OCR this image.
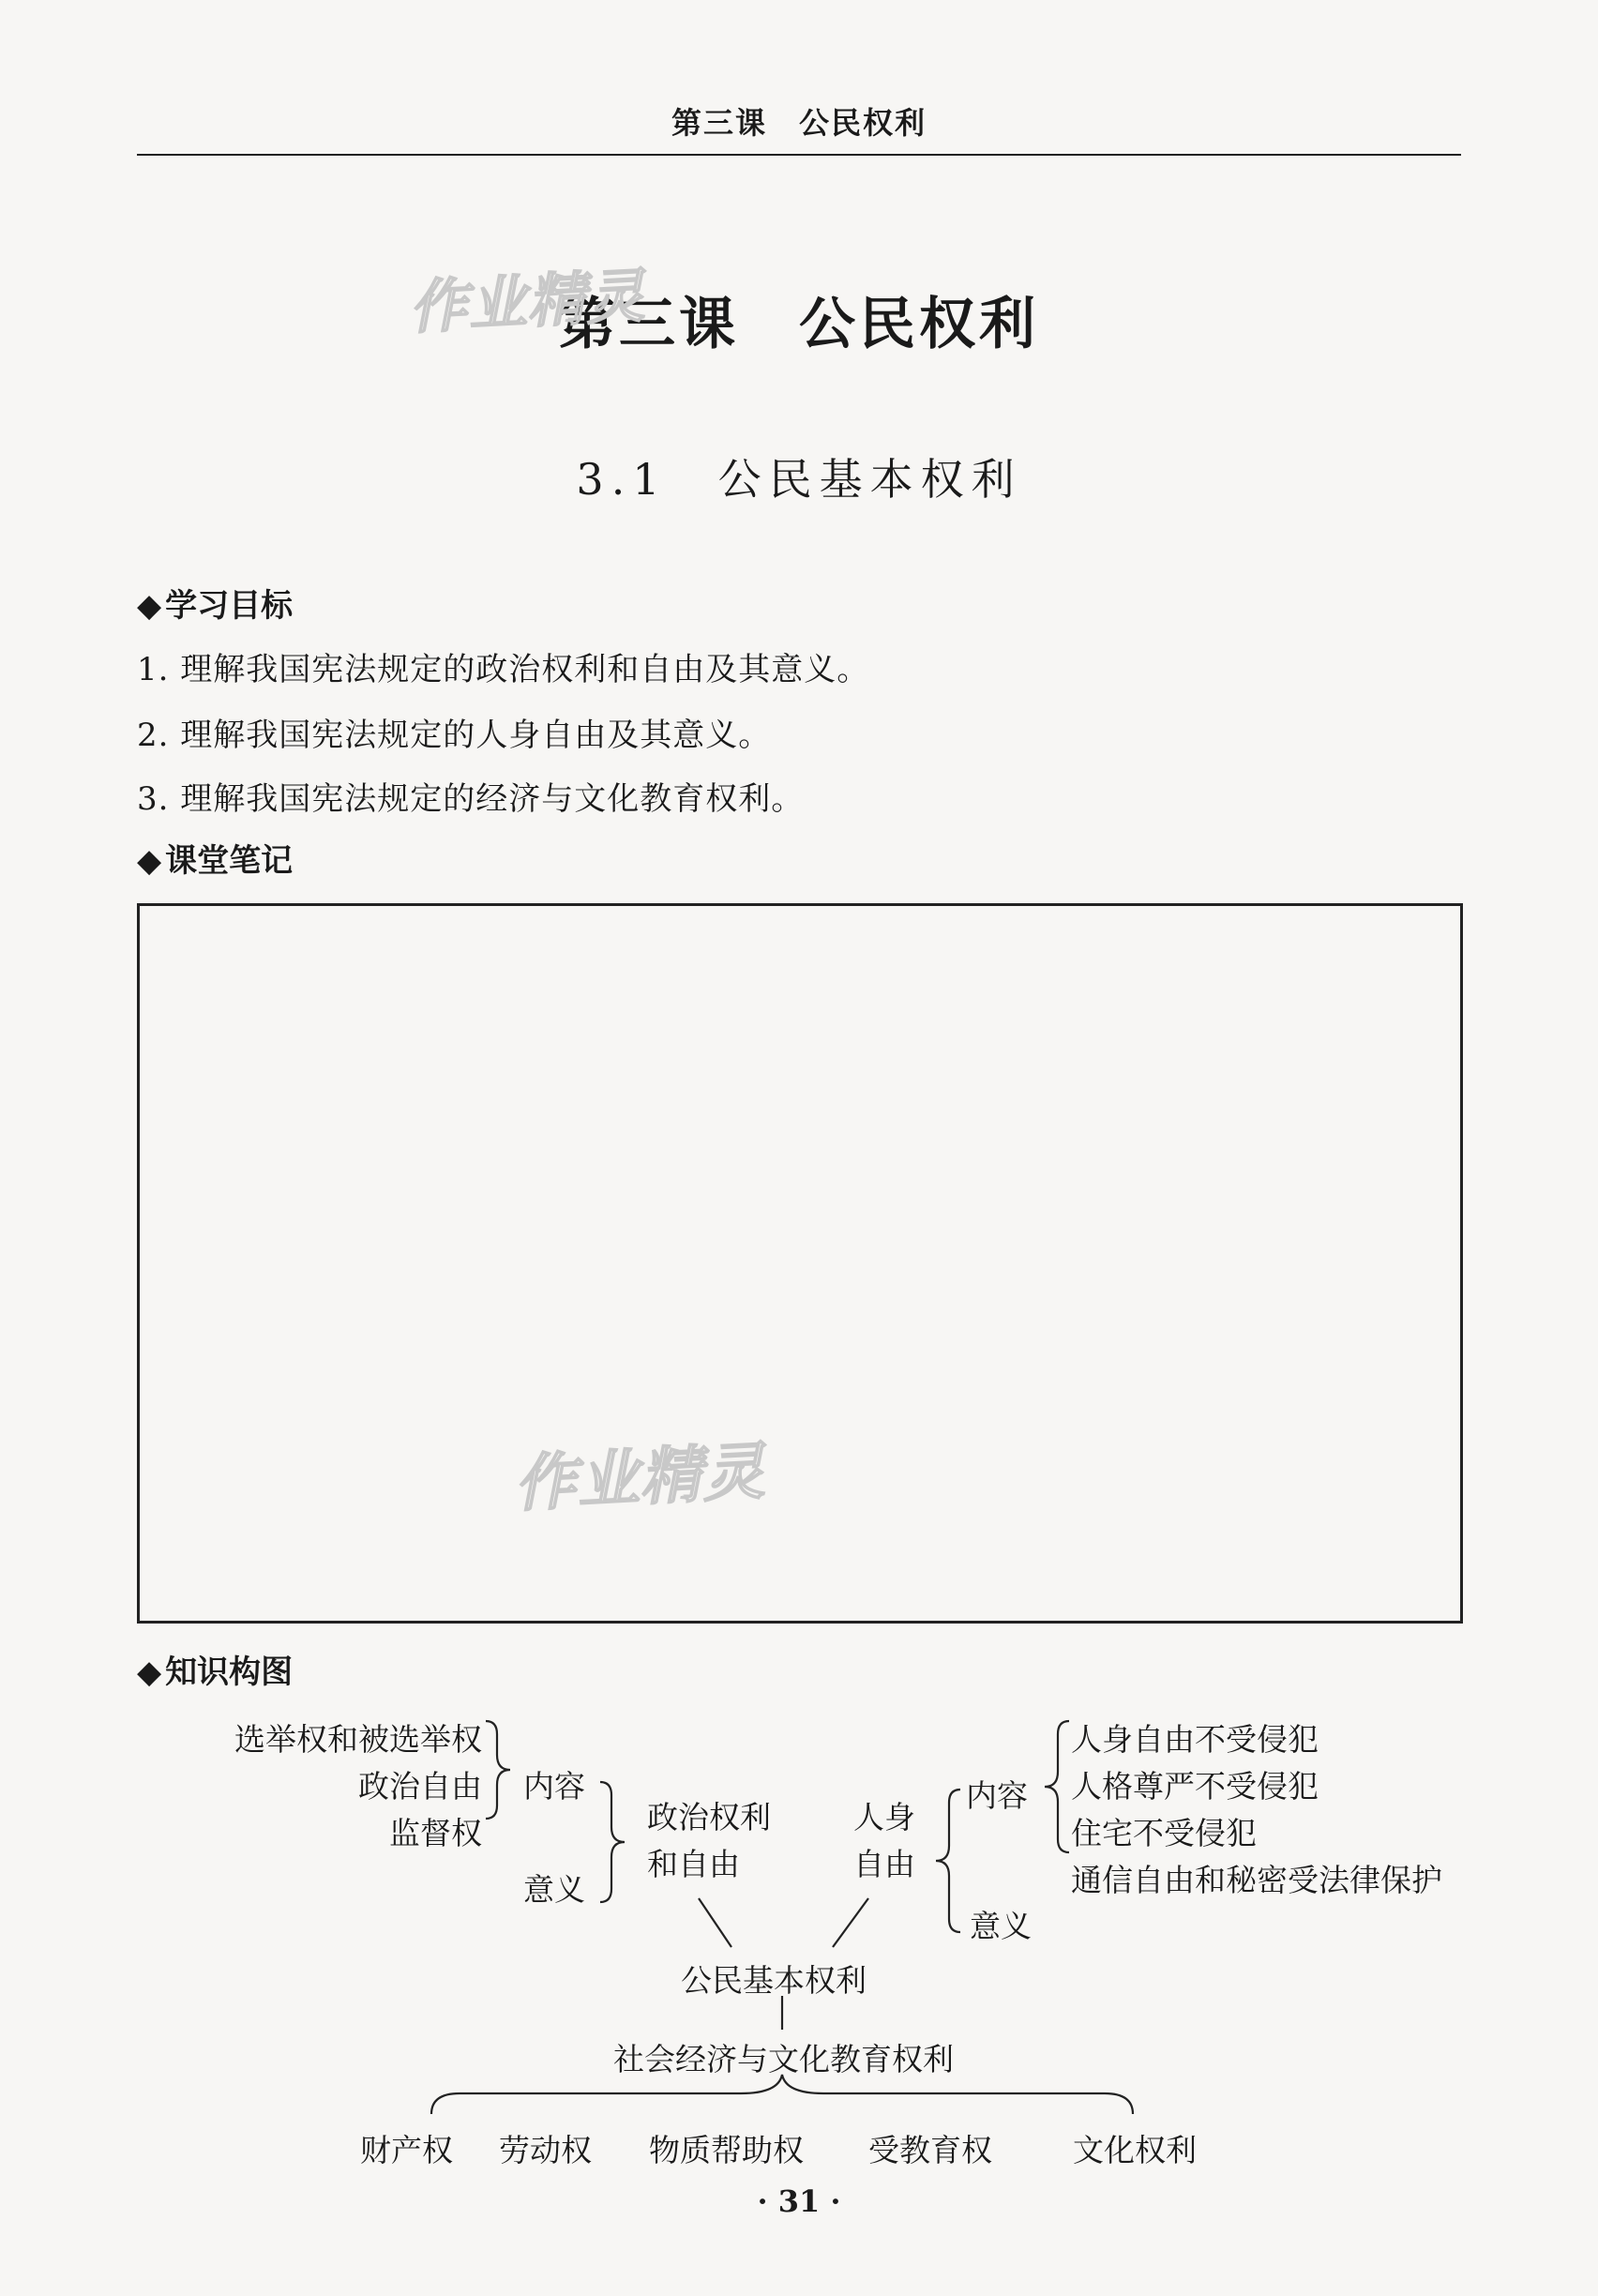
第三课　公民权利
第三课　公民权利
作业精灵
3.1　公民基本权利
◆ 学习目标
1. 理解我国宪法规定的政治权利和自由及其意义。
2. 理解我国宪法规定的人身自由及其意义。
3. 理解我国宪法规定的经济与文化教育权利。
◆ 课堂笔记
作业精灵
◆ 知识构图
选举权和被选举权
政治自由
监督权
内容
意义
政治权利
和自由
人身
自由
内容
意义
人身自由不受侵犯
人格尊严不受侵犯
住宅不受侵犯
通信自由和秘密受法律保护
公民基本权利
社会经济与文化教育权利
财产权 劳动权 物质帮助权 受教育权	文化权利
· 31 ·
